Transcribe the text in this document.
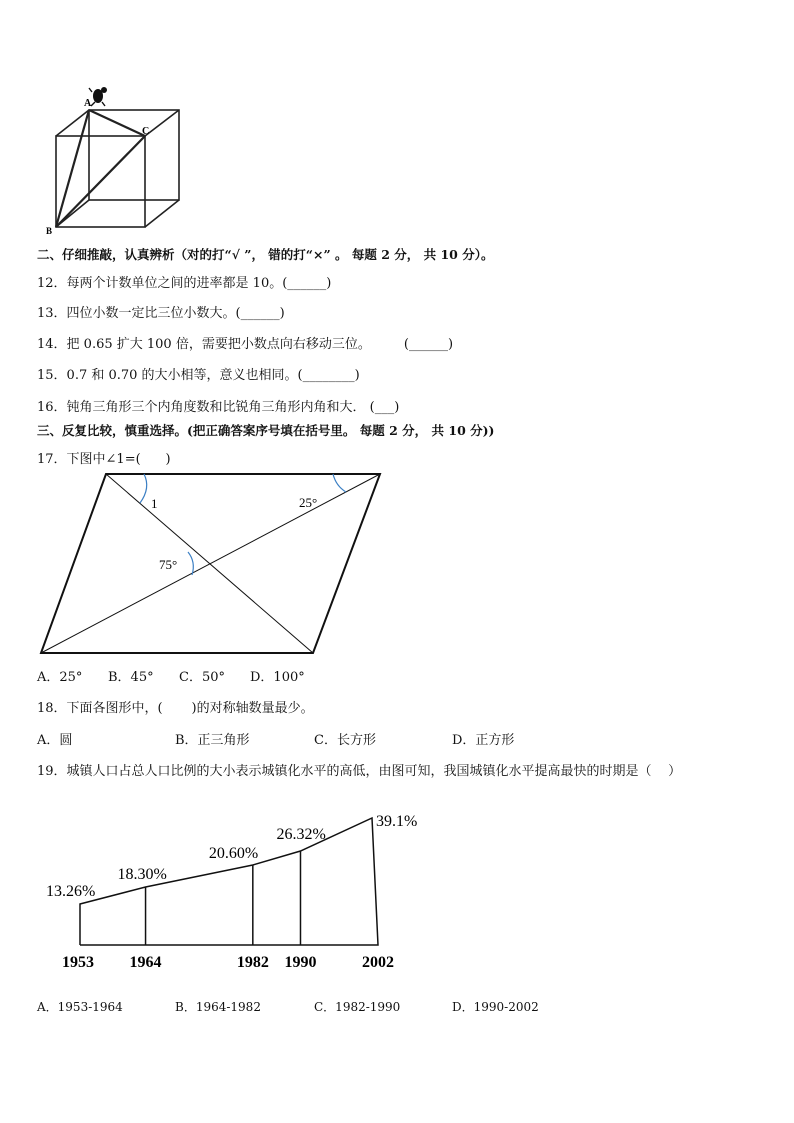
A
C
B
二、仔细推敲，认真辨析（对的打“√ ”， 错的打“×” 。 每题 2 分， 共 10 分）。
12．每两个计数单位之间的进率都是 10。(______)
13．四位小数一定比三位小数大。(______)
14．把 0.65 扩大 100 倍，需要把小数点向右移动三位。        (______)
15．0.7 和 0.70 的大小相等，意义也相同。(________)
16．钝角三角形三个内角度数和比锐角三角形内角和大． (___)
三、反复比较，慎重选择。(把正确答案序号填在括号里。 每题 2 分， 共 10 分))
17．下图中∠1=(      )
1	25°
75°
A．25° B．45° C．50° D．100°
18．下面各图形中，(       )的对称轴数量最少。
A．圆	B．正三角形	C．长方形	D．正方形
19．城镇人口占总人口比例的大小表示城镇化水平的高低，由图可知，我国城镇化水平提高最快的时期是（    ）
13.26%
18.30%
20.60%
26.32%
39.1%
1953 1964	1982 1990	2002
A．1953-1964	B．1964-1982	C．1982-1990	D．1990-2002
